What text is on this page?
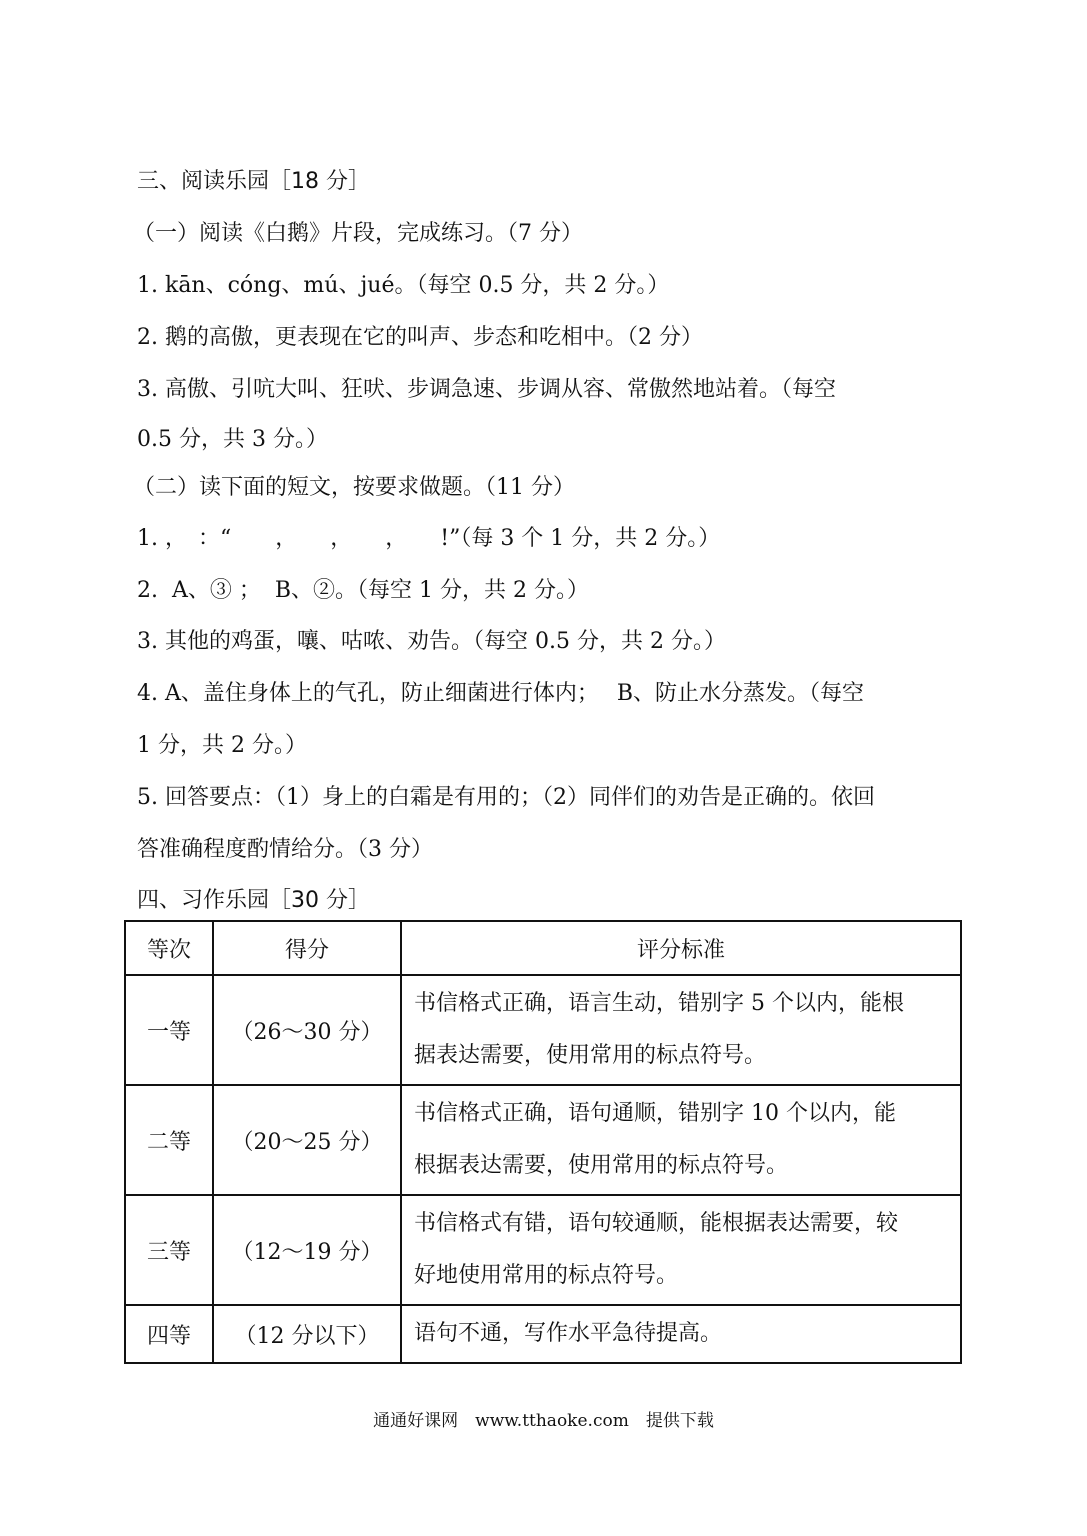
三、阅读乐园［18 分］
（一）阅读《白鹅》片段，完成练习。（7 分）
1. kān、cóng、mú、jué。（每空 0.5 分，共 2 分。）
2. 鹅的高傲，更表现在它的叫声、步态和吃相中。（2 分）
3. 高傲、引吭大叫、狂吠、步调急速、步调从容、常傲然地站着。（每空
0.5 分，共 3 分。）
（二）读下面的短文，按要求做题。（11 分）
1. ，　：“　　，　　，　　，　　!”（每 3 个 1 分，共 2 分。）
2.  A、③ ；  B、②。（每空 1 分，共 2 分。）
3. 其他的鸡蛋，嚷、咕哝、劝告。（每空 0.5 分，共 2 分。）
4. A、盖住身体上的气孔，防止细菌进行体内；　 B、防止水分蒸发。（每空
1 分，共 2 分。）
5. 回答要点：（1）身上的白霜是有用的；（2）同伴们的劝告是正确的。依回
答准确程度酌情给分。（3 分）
四、习作乐园［30 分］
等次	得分	评分标准
一等	（26～30 分）	书信格式正确，语言生动，错别字 5 个以内，能根
据表达需要，使用常用的标点符号。
二等	（20～25 分）	书信格式正确，语句通顺，错别字 10 个以内，能
根据表达需要，使用常用的标点符号。
三等	（12～19 分）	书信格式有错，语句较通顺，能根据表达需要，较
好地使用常用的标点符号。
四等	（12 分以下）	语句不通，写作水平急待提高。
通通好课网　www.tthaoke.com　提供下载
